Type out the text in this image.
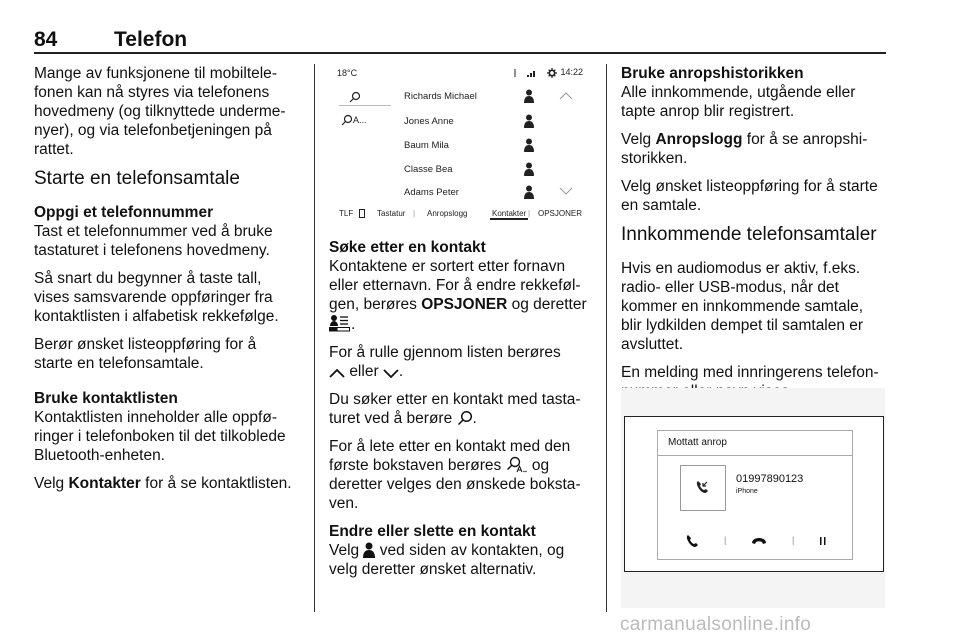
84	Telefon

Mange av funksjonene til mobiltelefonen kan nå styres via telefonens hovedmeny (og tilknyttede undermenyer), og via telefonbetjeningen på rattet.

Starte en telefonsamtale

Oppgi et telefonnummer
Tast et telefonnummer ved å bruke tastaturet i telefonens hovedmeny.

Så snart du begynner å taste tall, vises samsvarende oppføringer fra kontaktlisten i alfabetisk rekkefølge.

Berør ønsket listeoppføring for å starte en telefonsamtale.

Bruke kontaktlisten
Kontaktlisten inneholder alle oppføringer i telefonboken til det tilkoblede Bluetooth-enheten.

Velg Kontakter for å se kontaktlisten.

18°C	14:22
A...
Richards Michael
Jones Anne
Baum Mila
Classe Bea
Adams Peter
TLF	Tastatur | Anropslogg	Kontakter | OPSJONER

Søke etter en kontakt
Kontaktene er sortert etter fornavn eller etternavn. For å endre rekkefølgen, berøres OPSJONER og deretter .

For å rulle gjennom listen berøres
eller .

Du søker etter en kontakt med tastaturet ved å berøre .

For å lete etter en kontakt med den første bokstaven berøres og deretter velges den ønskede bokstaven.

Endre eller slette en kontakt
Velg ved siden av kontakten, og velg deretter ønsket alternativ.

Bruke anropshistorikken
Alle innkommende, utgående eller tapte anrop blir registrert.

Velg Anropslogg for å se anropshistorikken.

Velg ønsket listeoppføring for å starte en samtale.

Innkommende telefonsamtaler

Hvis en audiomodus er aktiv, f.eks. radio- eller USB-modus, når det kommer en innkommende samtale, blir lydkilden dempet til samtalen er avsluttet.

En melding med innringerens telefon

Mottatt anrop
01997890123
iPhone
|	|
carmanualsonline.info
